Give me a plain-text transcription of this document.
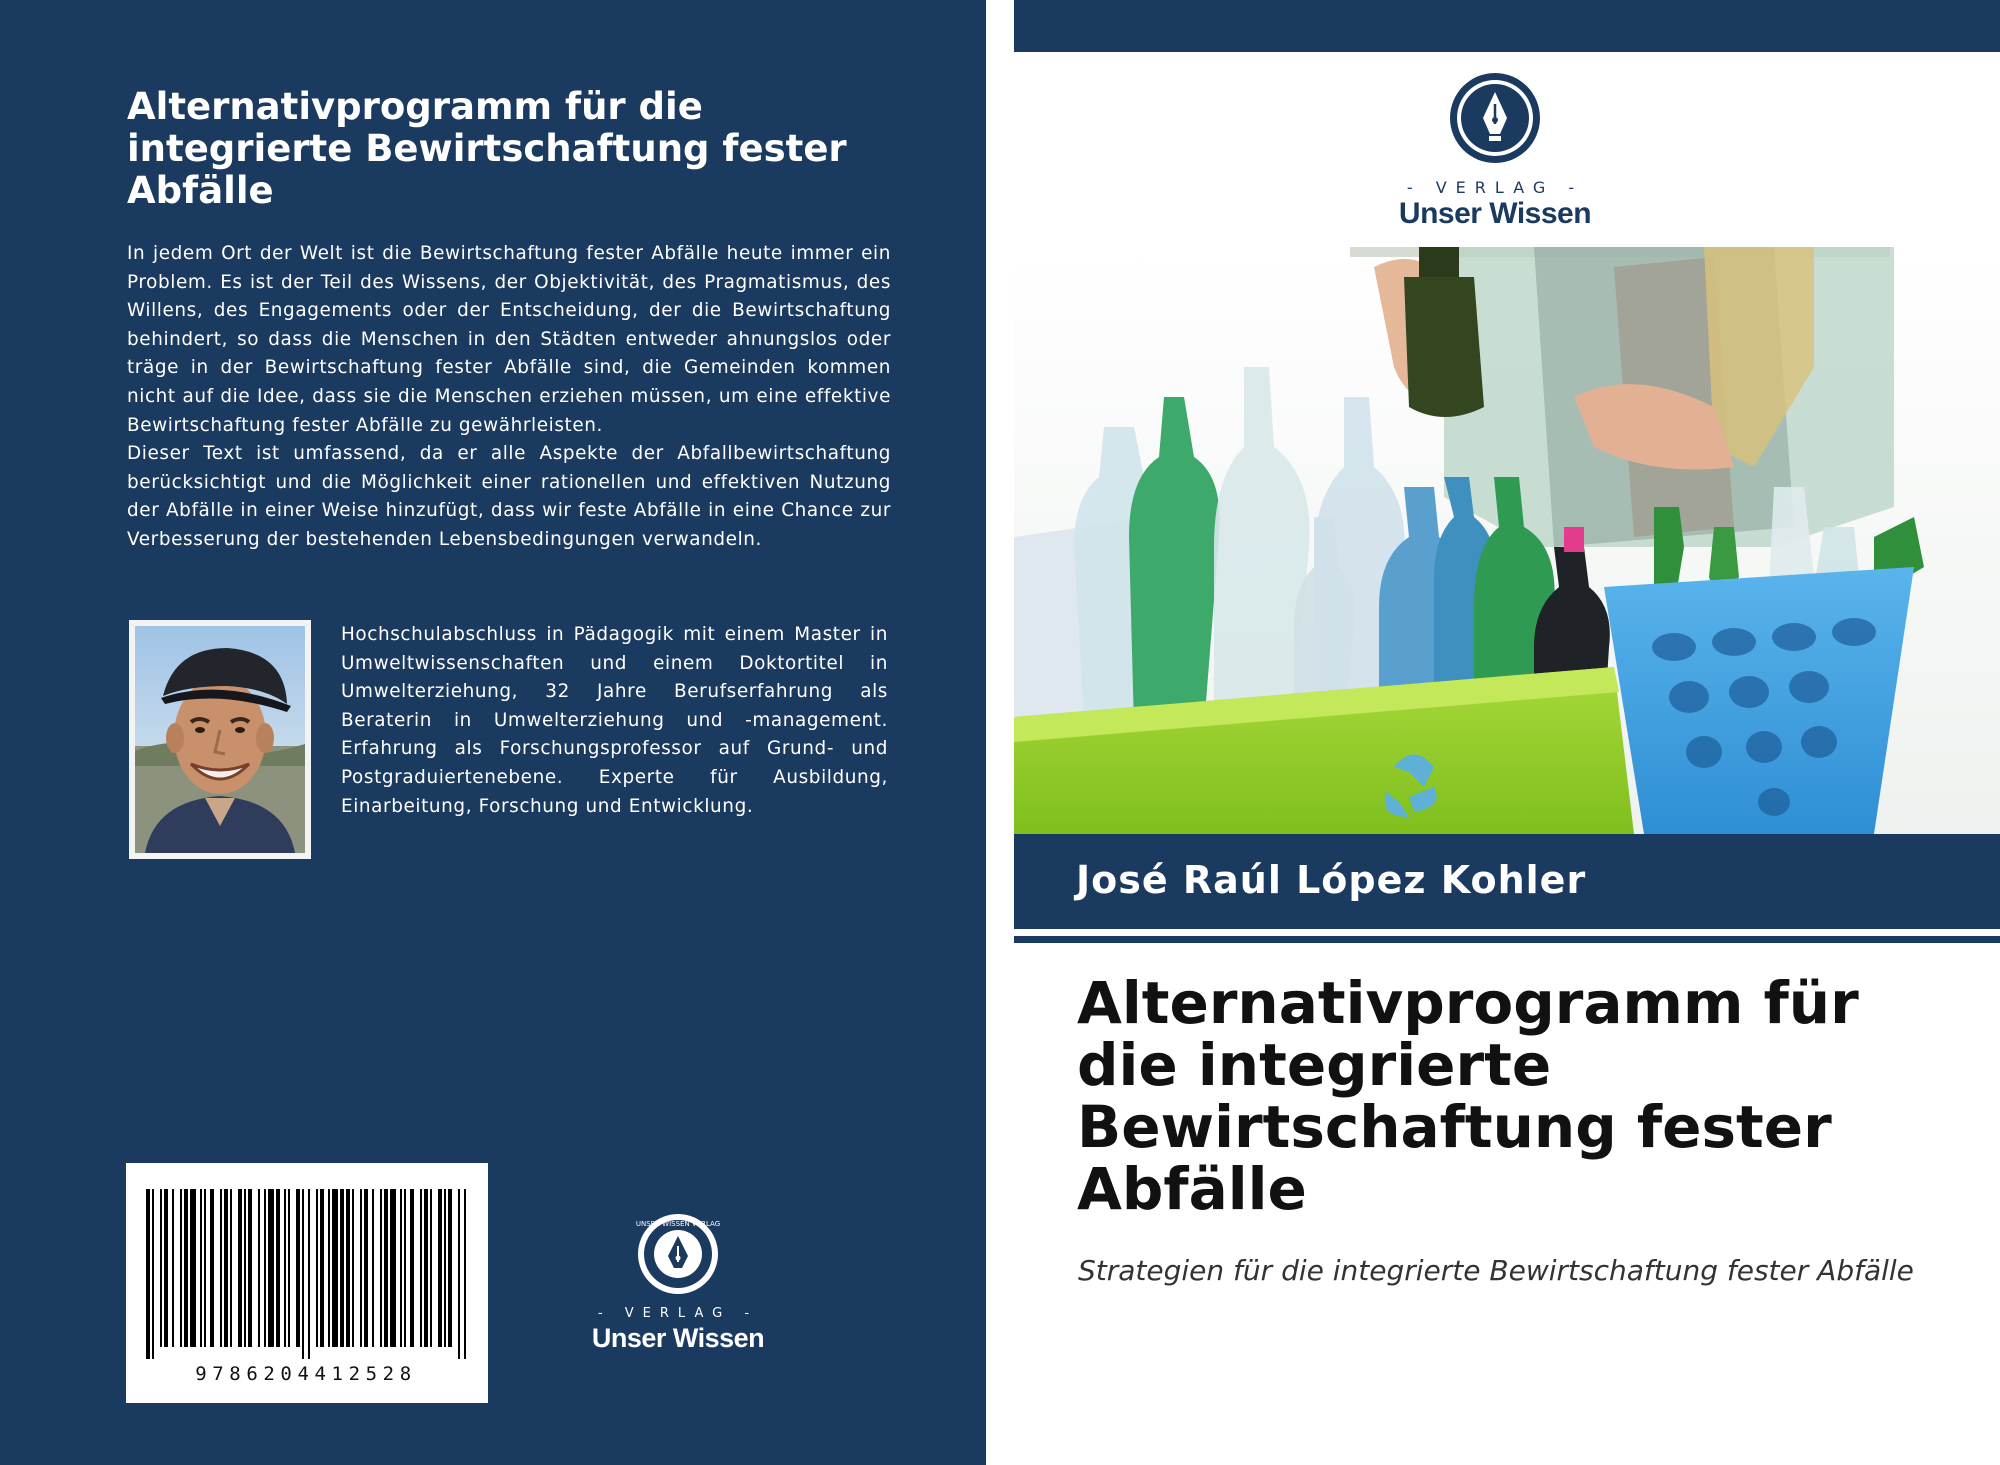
Alternativprogramm für die integrierte Bewirtschaftung fester Abfälle

In jedem Ort der Welt ist die Bewirtschaftung fester Abfälle heute immer ein Problem. Es ist der Teil des Wissens, der Objektivität, des Pragmatismus, des Willens, des Engagements oder der Entscheidung, der die Bewirtschaftung behindert, so dass die Menschen in den Städten entweder ahnungslos oder träge in der Bewirtschaftung fester Abfälle sind, die Gemeinden kommen nicht auf die Idee, dass sie die Menschen erziehen müssen, um eine effektive Bewirtschaftung fester Abfälle zu gewährleisten.

Dieser Text ist umfassend, da er alle Aspekte der Abfallbewirtschaftung berücksichtigt und die Möglichkeit einer rationellen und effektiven Nutzung der Abfälle in einer Weise hinzufügt, dass wir feste Abfälle in eine Chance zur Verbesserung der bestehenden Lebensbedingungen verwandeln.

Hochschulabschluss in Pädagogik mit einem Master in Umweltwissenschaften und einem Doktortitel in Umwelterziehung, 32 Jahre Berufserfahrung als Beraterin in Umwelterziehung und -management. Erfahrung als Forschungsprofessor auf Grund- und Postgraduiertenebene. Experte für Ausbildung, Einarbeitung, Forschung und Entwicklung.

9786204412528
UNSER WISSEN VERLAG
- VERLAG -
Unser Wissen
- VERLAG -
Unser Wissen

José Raúl López Kohler

Alternativprogramm für die integrierte Bewirtschaftung fester Abfälle

Strategien für die integrierte Bewirtschaftung fester Abfälle
